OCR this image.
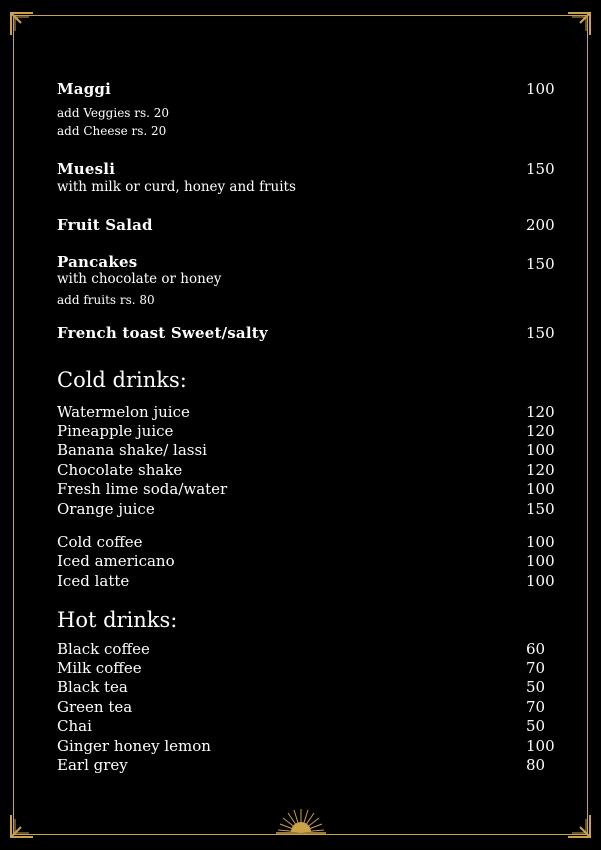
Maggi	100
add Veggies rs. 20
add Cheese rs. 20
Muesli	150
with milk or curd, honey and fruits
Fruit Salad	200
Pancakes	150
with chocolate or honey
add fruits rs. 80
French toast Sweet/salty	150
Cold drinks:
Watermelon juice	120
Pineapple juice	120
Banana shake/ lassi	100
Chocolate shake	120
Fresh lime soda/water	100
Orange juice	150
Cold coffee	100
Iced americano	100
Iced latte	100
Hot drinks:
Black coffee	60
Milk coffee	70
Black tea	50
Green tea	70
Chai	50
Ginger honey lemon	100
Earl grey	80
